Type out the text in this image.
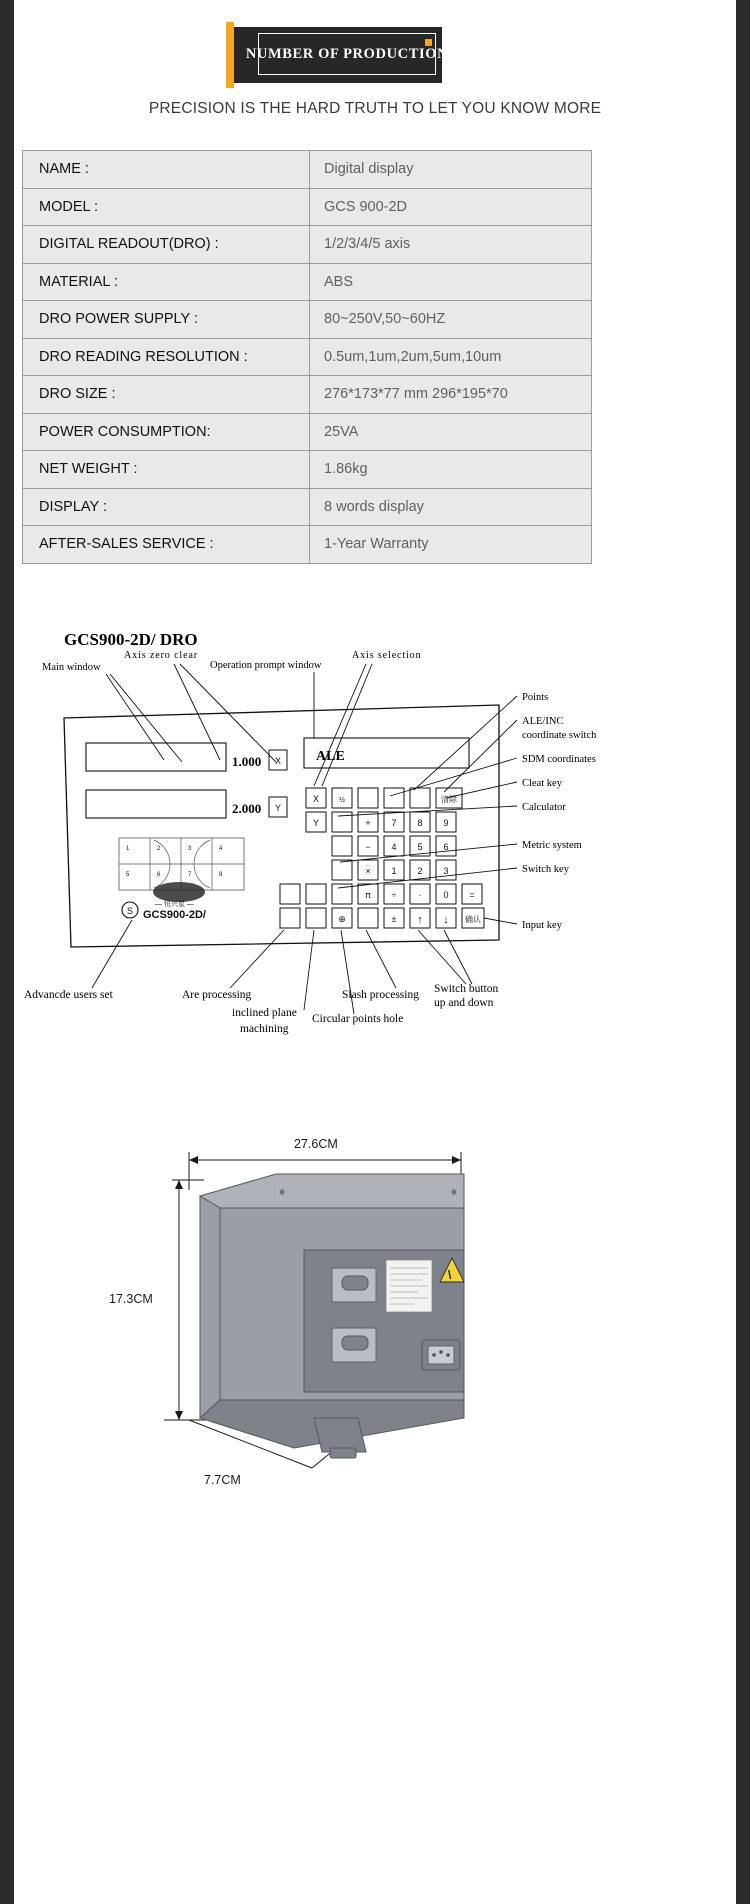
NUMBER OF PRODUCTION
PRECISION IS THE HARD TRUTH TO LET YOU KNOW MORE
NAME :	Digital display
MODEL :	GCS 900-2D
DIGITAL READOUT(DRO) :	1/2/3/4/5 axis
MATERIAL :	ABS
DRO POWER SUPPLY :	80~250V,50~60HZ
DRO READING RESOLUTION :	0.5um,1um,2um,5um,10um
DRO SIZE :	276*173*77 mm 296*195*70
POWER CONSUMPTION:	25VA
NET WEIGHT :	1.86kg
DISPLAY :	8 words display
AFTER-SALES SERVICE :	1-Year Warranty
GCS900-2D/ DRO
1.000
2.000
X
Y
ALE
X
Y
½	清除
+ 7 8 9
− 4 5 6
× 1 2 3
π ÷ · 0 =
⊕	± ↑ ↓ 确认
1	2	3	4
5	6	7	8
S GCS900-2D/
— 恒兴星 —
Main window
Axis zero clear
Operation prompt window
Axis selection
Points
ALE/INC
coordinate switch
SDM coordinates
Cleat key
Calculator
Metric system
Switch key
Input key
Advancde users set	Are processing
inclined plane
machining
Circular points hole
Slash processing Switch button
up and down
27.6CM
17.3CM
7.7CM
\
